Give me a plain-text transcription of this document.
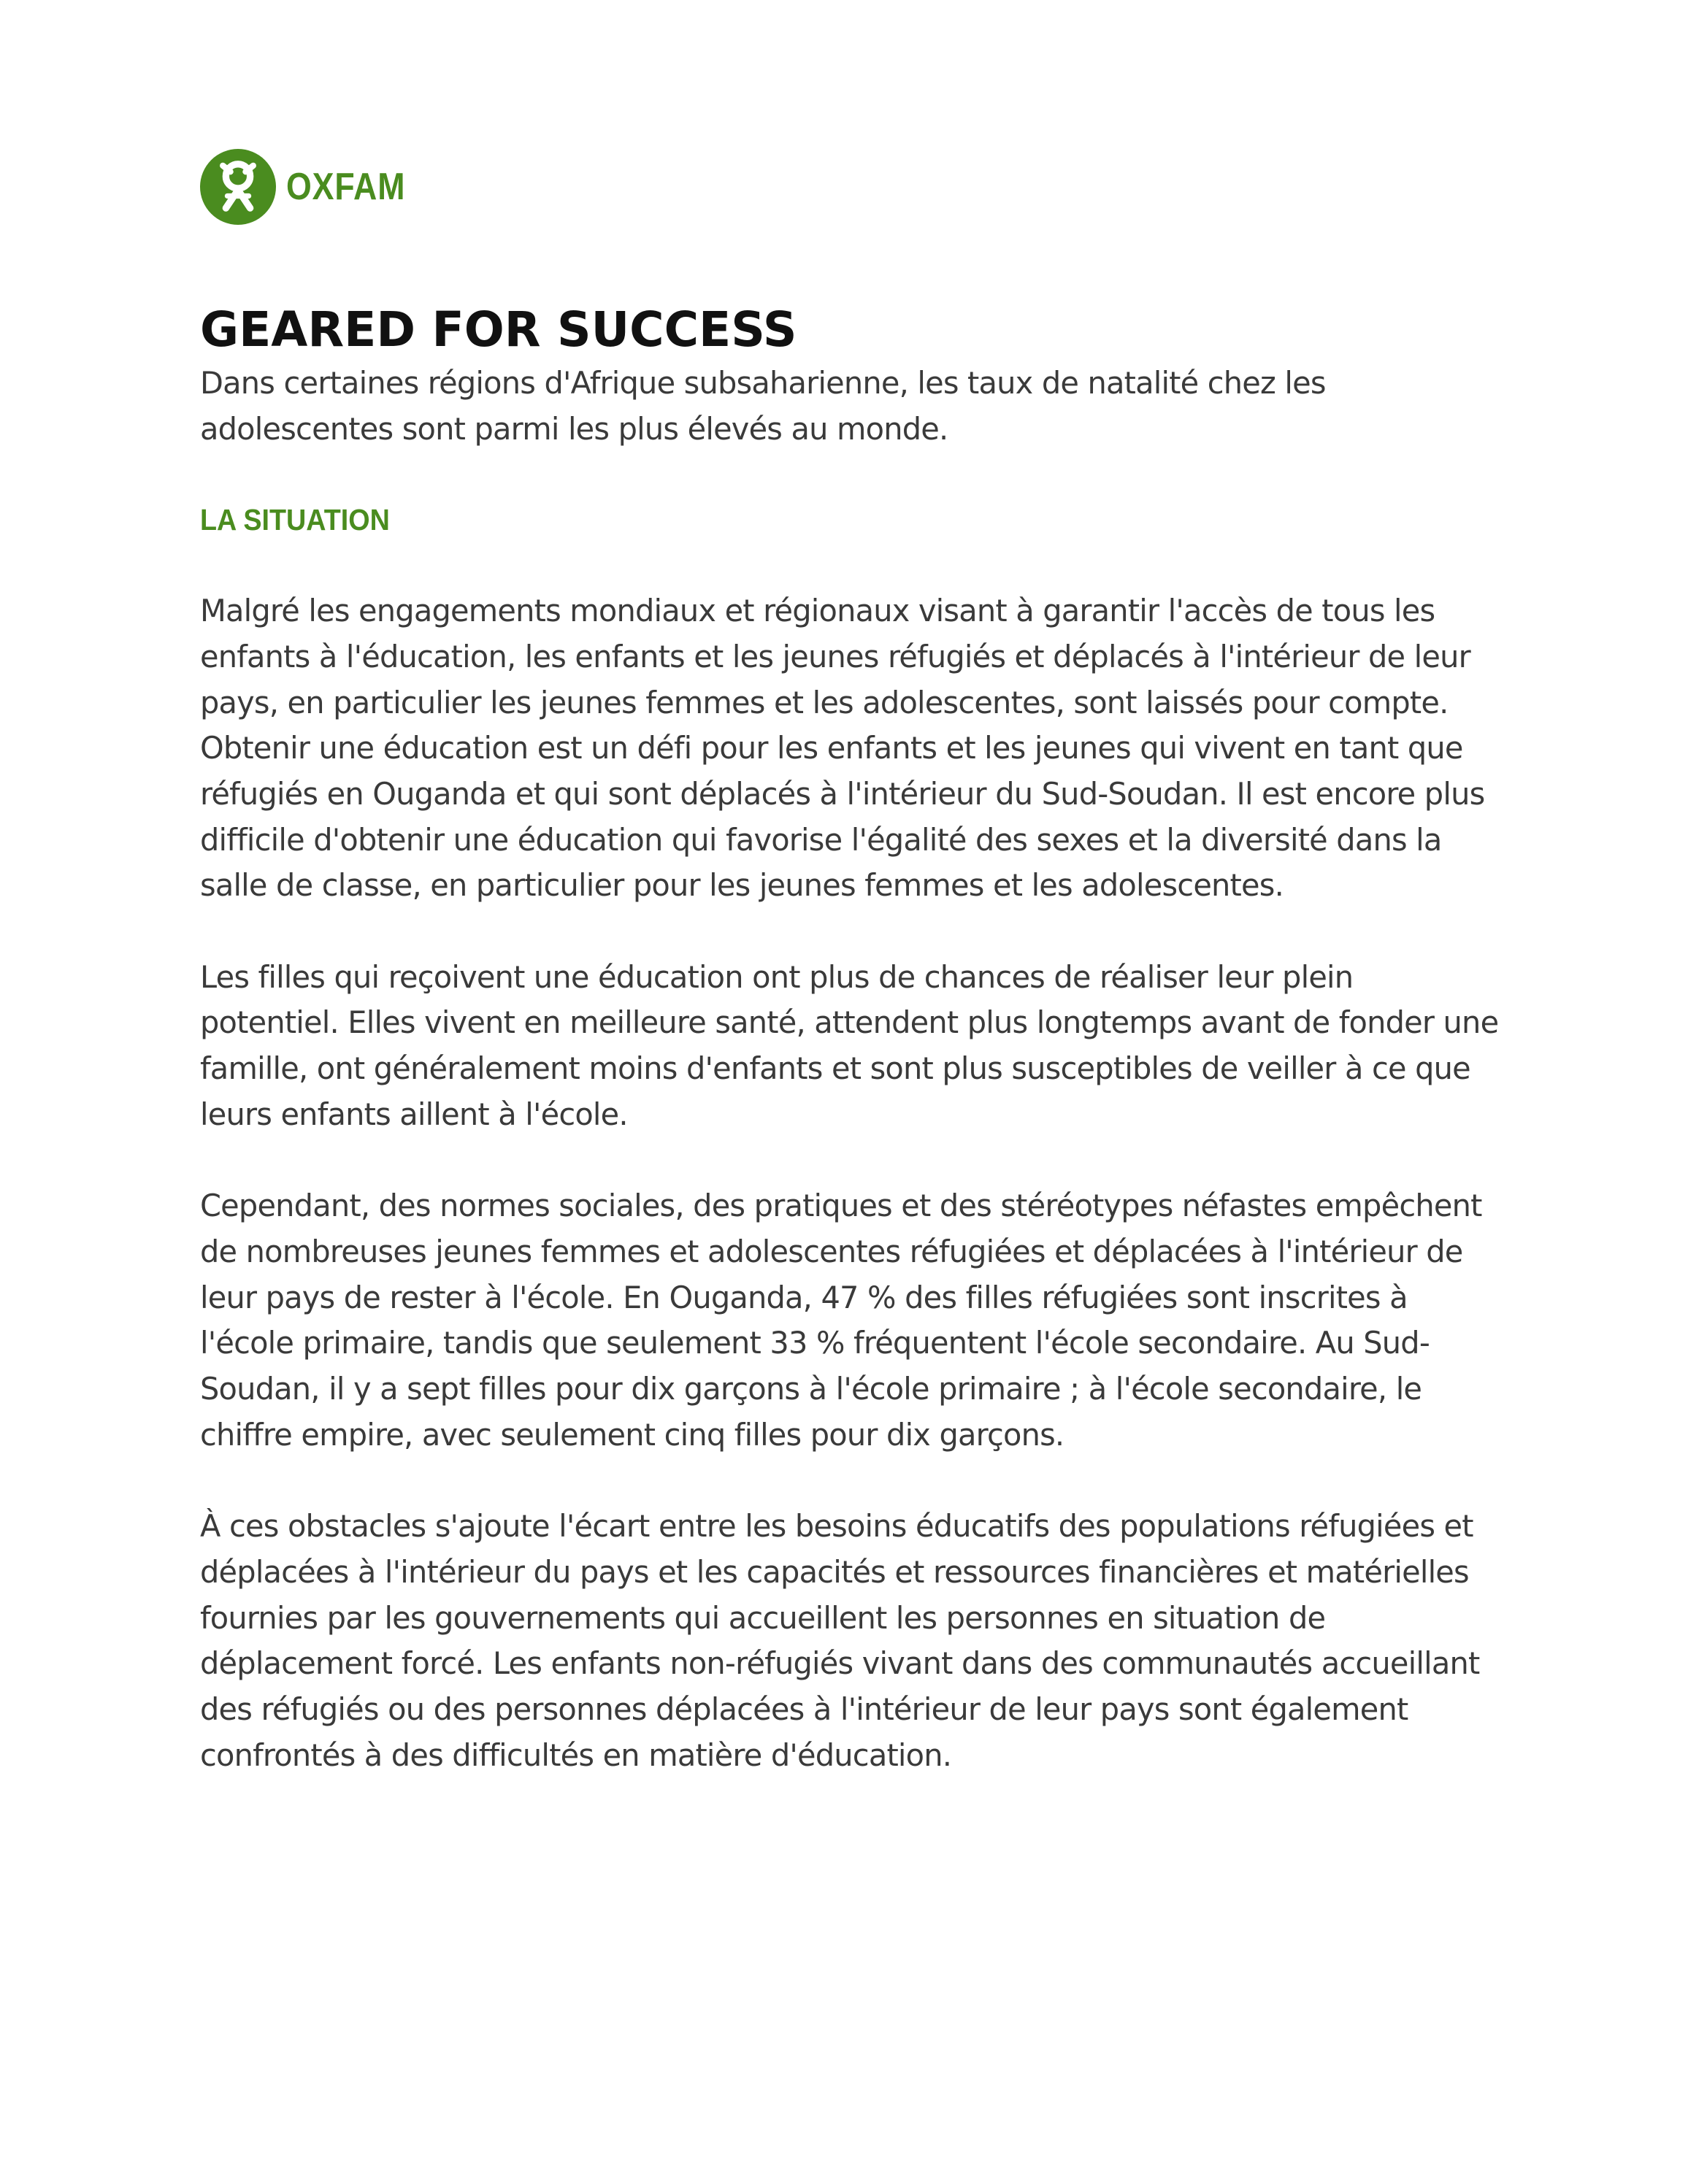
OXFAM
GEARED FOR SUCCESS

Dans certaines régions d'Afrique subsaharienne, les taux de natalité chez les adolescentes sont parmi les plus élevés au monde.

LA SITUATION

Malgré les engagements mondiaux et régionaux visant à garantir l'accès de tous les enfants à l'éducation, les enfants et les jeunes réfugiés et déplacés à l'intérieur de leur pays, en particulier les jeunes femmes et les adolescentes, sont laissés pour compte. Obtenir une éducation est un défi pour les enfants et les jeunes qui vivent en tant que réfugiés en Ouganda et qui sont déplacés à l'intérieur du Sud-Soudan. Il est encore plus difficile d'obtenir une éducation qui favorise l'égalité des sexes et la diversité dans la salle de classe, en particulier pour les jeunes femmes et les adolescentes.

Les filles qui reçoivent une éducation ont plus de chances de réaliser leur plein potentiel. Elles vivent en meilleure santé, attendent plus longtemps avant de fonder une famille, ont généralement moins d'enfants et sont plus susceptibles de veiller à ce que leurs enfants aillent à l'école.

Cependant, des normes sociales, des pratiques et des stéréotypes néfastes empêchent de nombreuses jeunes femmes et adolescentes réfugiées et déplacées à l'intérieur de leur pays de rester à l'école. En Ouganda, 47 % des filles réfugiées sont inscrites à l'école primaire, tandis que seulement 33 % fréquentent l'école secondaire. Au Sud-Soudan, il y a sept filles pour dix garçons à l'école primaire ; à l'école secondaire, le chiffre empire, avec seulement cinq filles pour dix garçons.

À ces obstacles s'ajoute l'écart entre les besoins éducatifs des populations réfugiées et déplacées à l'intérieur du pays et les capacités et ressources financières et matérielles fournies par les gouvernements qui accueillent les personnes en situation de déplacement forcé. Les enfants non-réfugiés vivant dans des communautés accueillant des réfugiés ou des personnes déplacées à l'intérieur de leur pays sont également confrontés à des difficultés en matière d'éducation.
